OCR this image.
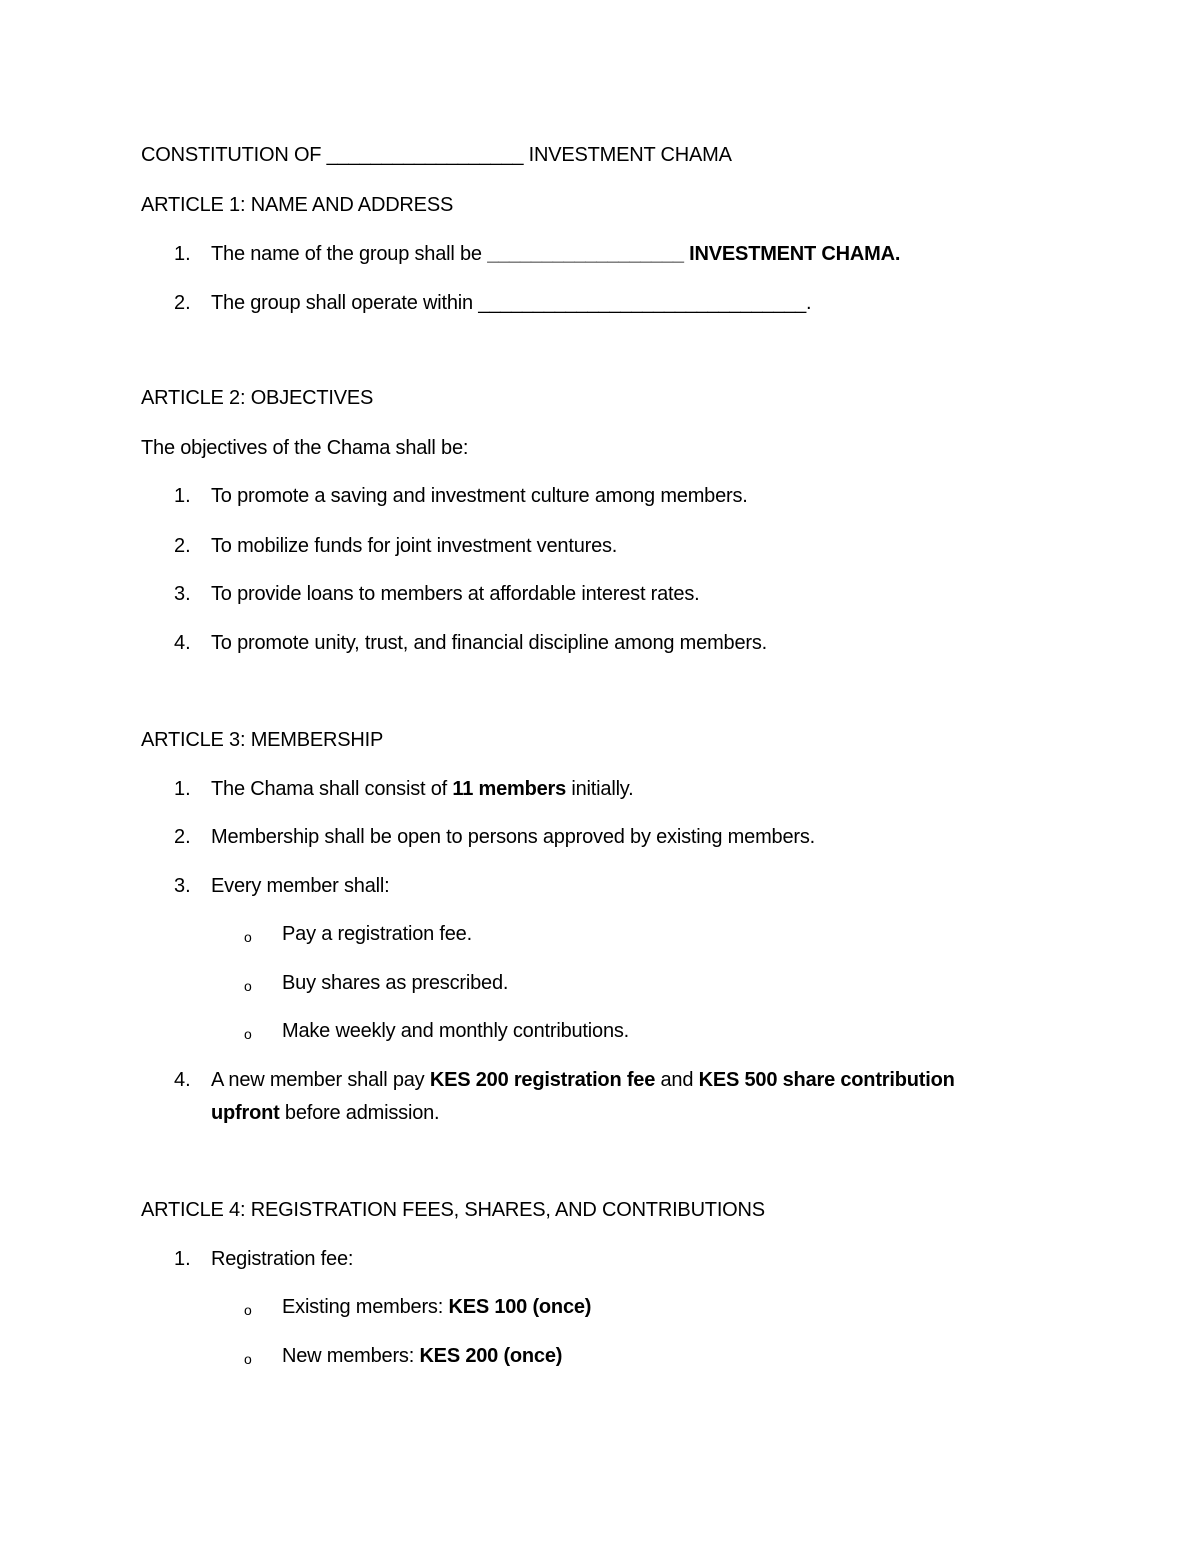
CONSTITUTION OF __________________ INVESTMENT CHAMA
ARTICLE 1: NAME AND ADDRESS
1.	The name of the group shall be __________________ INVESTMENT CHAMA.
2.	The group shall operate within ______________________________.
ARTICLE 2: OBJECTIVES
The objectives of the Chama shall be:
1.	To promote a saving and investment culture among members.
2.	To mobilize funds for joint investment ventures.
3.	To provide loans to members at affordable interest rates.
4.	To promote unity, trust, and financial discipline among members.
ARTICLE 3: MEMBERSHIP
1.	The Chama shall consist of 11 members initially.
2.	Membership shall be open to persons approved by existing members.
3.	Every member shall:
o Pay a registration fee.
o Buy shares as prescribed.
o Make weekly and monthly contributions.
4.	A new member shall pay KES 200 registration fee and KES 500 share contribution
upfront before admission.
ARTICLE 4: REGISTRATION FEES, SHARES, AND CONTRIBUTIONS
1.	Registration fee:
o Existing members: KES 100 (once)
o New members: KES 200 (once)
